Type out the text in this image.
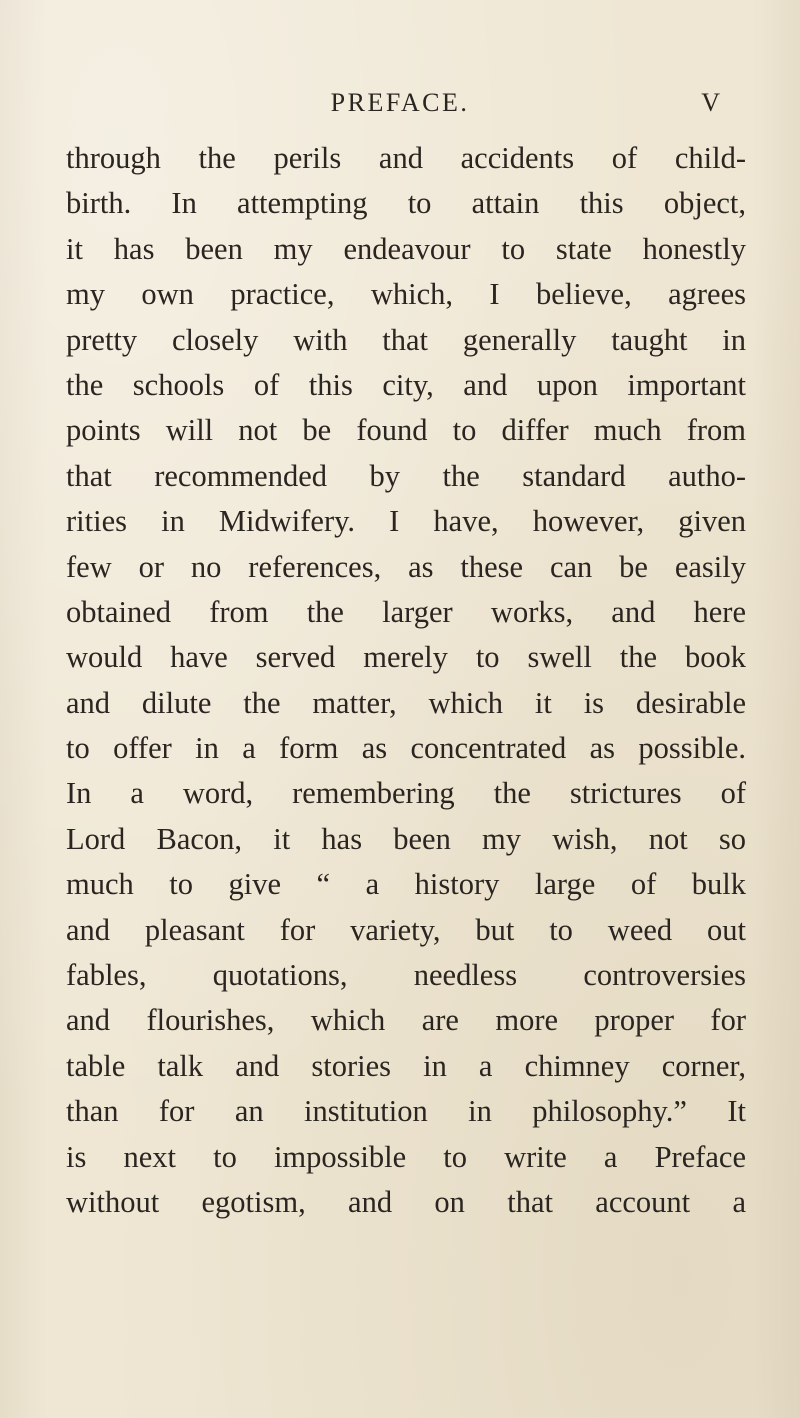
PREFACE.	V
through the perils and accidents of child-
birth. In attempting to attain this object,
it has been my endeavour to state honestly
my own practice, which, I believe, agrees
pretty closely with that generally taught in
the schools of this city, and upon important
points will not be found to differ much from
that recommended by the standard autho-
rities in Midwifery. I have, however, given
few or no references, as these can be easily
obtained from the larger works, and here
would have served merely to swell the book
and dilute the matter, which it is desirable
to offer in a form as concentrated as possible.
In a word, remembering the strictures of
Lord Bacon, it has been my wish, not so
much to give “ a history large of bulk
and pleasant for variety, but to weed out
fables, quotations, needless controversies
and flourishes, which are more proper for
table talk and stories in a chimney corner,
than for an institution in philosophy.” It
is next to impossible to write a Preface
without egotism, and on that account a
